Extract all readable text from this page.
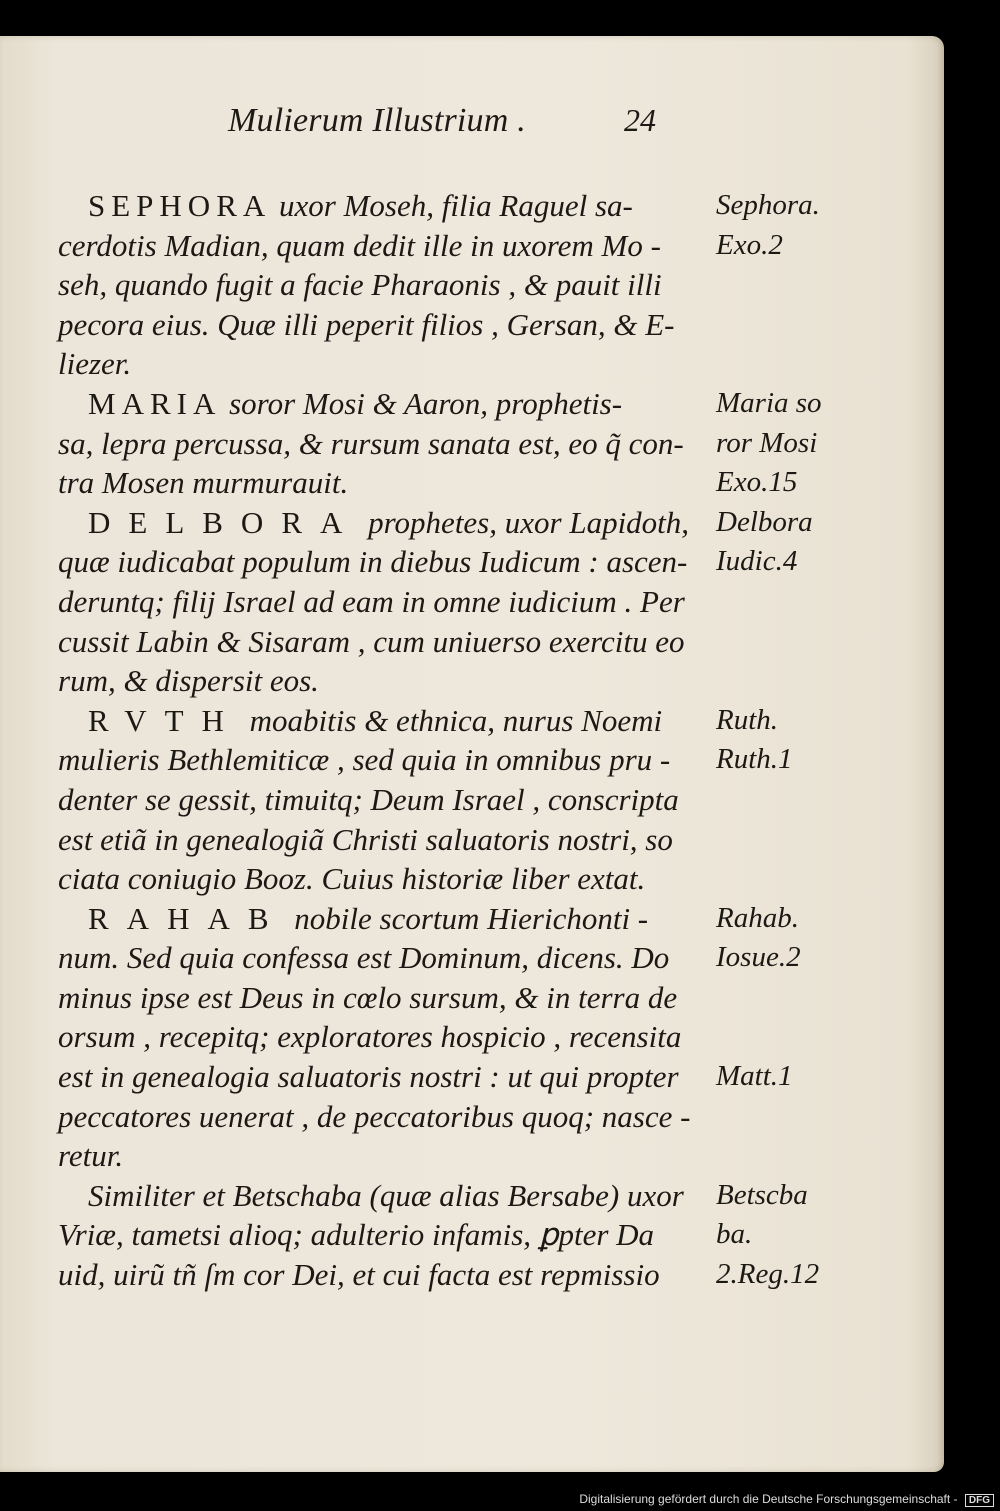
Mulierum Illustrium .	24
SEPHORA uxor Moseh, filia Raguel sa-
cerdotis Madian, quam dedit ille in uxorem Mo -
seh, quando fugit a facie Pharaonis , & pauit illi
pecora eius. Quæ illi peperit filios , Gersan, & E-
liezer.
MARIA soror Mosi & Aaron, prophetis-
sa, lepra percussa, & rursum sanata est, eo q̃ con-
tra Mosen murmurauit.
DELBORA prophetes, uxor Lapidoth,
quæ iudicabat populum in diebus Iudicum : ascen-
deruntq; filij Israel ad eam in omne iudicium . Per
cussit Labin & Sisaram , cum uniuerso exercitu eo
rum, & dispersit eos.
RVTH moabitis & ethnica, nurus Noemi
mulieris Bethlemiticæ , sed quia in omnibus pru -
denter se gessit, timuitq; Deum Israel , conscripta
est etiã in genealogiã Christi saluatoris nostri, so
ciata coniugio Booz. Cuius historiæ liber extat.
RAHAB nobile scortum Hierichonti -
num. Sed quia confessa est Dominum, dicens. Do
minus ipse est Deus in cœlo sursum, & in terra de
orsum , recepitq; exploratores hospicio , recensita
est in genealogia saluatoris nostri : ut qui propter
peccatores uenerat , de peccatoribus quoq; nasce -
retur.
Similiter et Betschaba (quæ alias Bersabe) uxor
Vriæ, tametsi alioq; adulterio infamis, ꝑpter Da
uid, uirũ tñ ſm cor Dei, et cui facta est repmissio
Sephora.
Exo.2
Maria so
ror Mosi
Exo.15
Delbora
Iudic.4
Ruth.
Ruth.1
Rahab.
Iosue.2
Matt.1
Betscba
ba.
2.Reg.12
Digitalisierung gefördert durch die Deutsche Forschungsgemeinschaft - DFG
